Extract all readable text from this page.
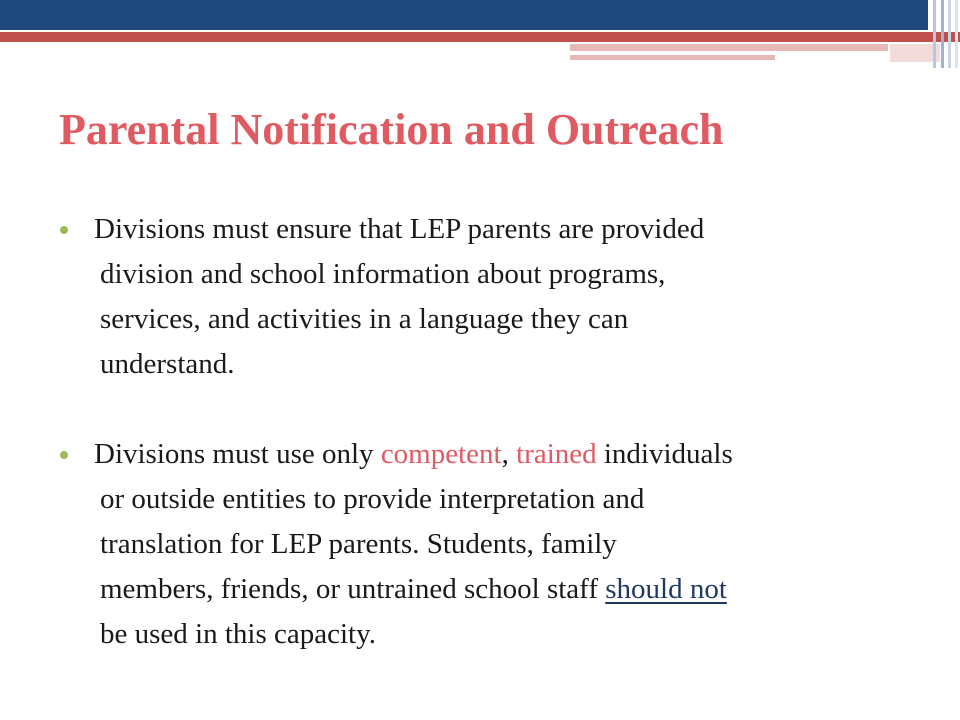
Parental Notification and Outreach
Divisions must ensure that LEP parents are provided
division and school information about programs,
services, and activities in a language they can
understand.
Divisions must use only competent, trained individuals
or outside entities to provide interpretation and
translation for LEP parents. Students, family
members, friends, or untrained school staff should not
be used in this capacity.
